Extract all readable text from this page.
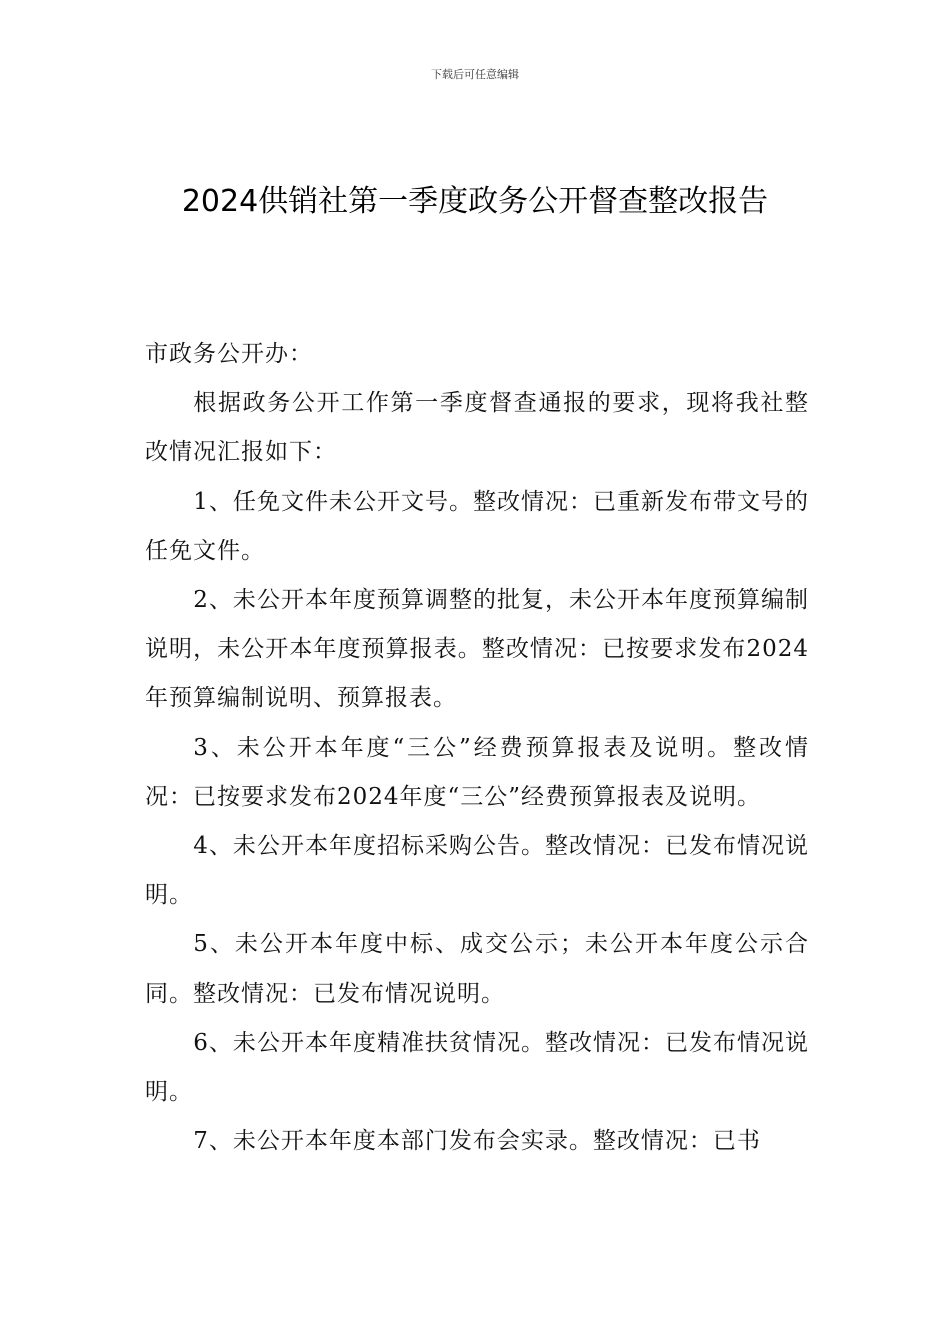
下载后可任意编辑
2024供销社第一季度政务公开督查整改报告

市政务公开办：

根据政务公开工作第一季度督查通报的要求，现将我社整改情况汇报如下：

1、任免文件未公开文号。整改情况：已重新发布带文号的任免文件。

2、未公开本年度预算调整的批复，未公开本年度预算编制说明，未公开本年度预算报表。整改情况：已按要求发布2024年预算编制说明、预算报表。

3、未公开本年度“三公”经费预算报表及说明。整改情况：已按要求发布2024年度“三公”经费预算报表及说明。

4、未公开本年度招标采购公告。整改情况：已发布情况说明。

5、未公开本年度中标、成交公示；未公开本年度公示合同。整改情况：已发布情况说明。

6、未公开本年度精准扶贫情况。整改情况：已发布情况说明。

7、未公开本年度本部门发布会实录。整改情况：已书
